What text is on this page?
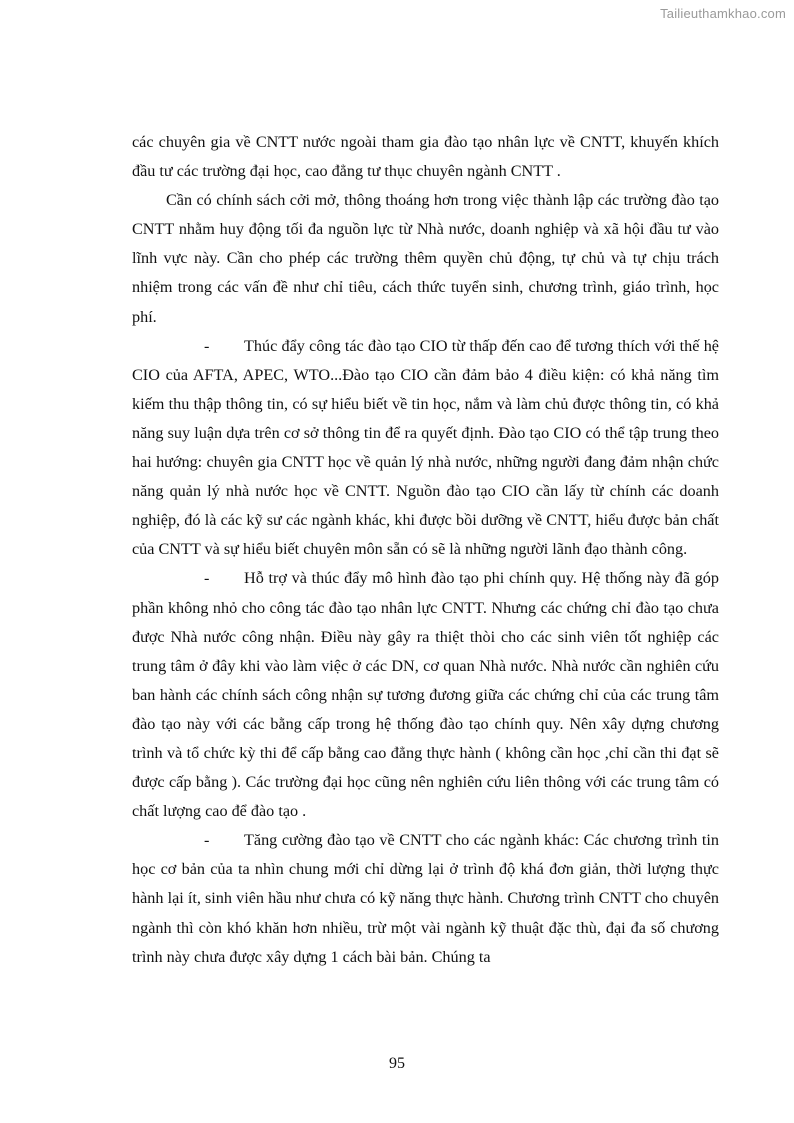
Tailieuthamkhao.com

các chuyên gia về CNTT nước ngoài tham gia đào tạo nhân lực về CNTT, khuyến khích đầu tư các trường đại học, cao đẳng tư thục chuyên ngành CNTT .

Cần có chính sách cởi mở, thông thoáng hơn trong việc thành lập các trường đào tạo CNTT nhằm huy động tối đa nguồn lực từ Nhà nước, doanh nghiệp và xã hội đầu tư vào lĩnh vực này. Cần cho phép các trường thêm quyền chủ động, tự chủ và tự chịu trách nhiệm trong các vấn đề như chỉ tiêu, cách thức tuyển sinh, chương trình, giáo trình, học phí.

- Thúc đẩy công tác đào tạo CIO từ thấp đến cao để tương thích với thế hệ CIO của AFTA, APEC, WTO...Đào tạo CIO cần đảm bảo 4 điều kiện: có khả năng tìm kiếm thu thập thông tin, có sự hiểu biết về tin học, nắm và làm chủ được thông tin, có khả năng suy luận dựa trên cơ sở thông tin để ra quyết định. Đào tạo CIO có thể tập trung theo hai hướng: chuyên gia CNTT học về quản lý nhà nước, những người đang đảm nhận chức năng quản lý nhà nước học về CNTT. Nguồn đào tạo CIO cần lấy từ chính các doanh nghiệp, đó là các kỹ sư các ngành khác, khi được bồi dưỡng về CNTT, hiểu được bản chất của CNTT và sự hiểu biết chuyên môn sẵn có sẽ là những người lãnh đạo thành công.

- Hỗ trợ và thúc đẩy mô hình đào tạo phi chính quy. Hệ thống này đã góp phần không nhỏ cho công tác đào tạo nhân lực CNTT. Nhưng các chứng chỉ đào tạo chưa được Nhà nước công nhận. Điều này gây ra thiệt thòi cho các sinh viên tốt nghiệp các trung tâm ở đây khi vào làm việc ở các DN, cơ quan Nhà nước. Nhà nước cần nghiên cứu ban hành các chính sách công nhận sự tương đương giữa các chứng chỉ của các trung tâm đào tạo này với các bằng cấp trong hệ thống đào tạo chính quy. Nên xây dựng chương trình và tổ chức kỳ thi để cấp bằng cao đẳng thực hành ( không cần học ,chỉ cần thi đạt sẽ được cấp bằng ). Các trường đại học cũng nên nghiên cứu liên thông với các trung tâm có chất lượng cao để đào tạo .

- Tăng cường đào tạo về CNTT cho các ngành khác: Các chương trình tin học cơ bản của ta nhìn chung mới chỉ dừng lại ở trình độ khá đơn giản, thời lượng thực hành lại ít, sinh viên hầu như chưa có kỹ năng thực hành. Chương trình CNTT cho chuyên ngành thì còn khó khăn hơn nhiều, trừ một vài ngành kỹ thuật đặc thù, đại đa số chương trình này chưa được xây dựng 1 cách bài bản. Chúng ta

95
